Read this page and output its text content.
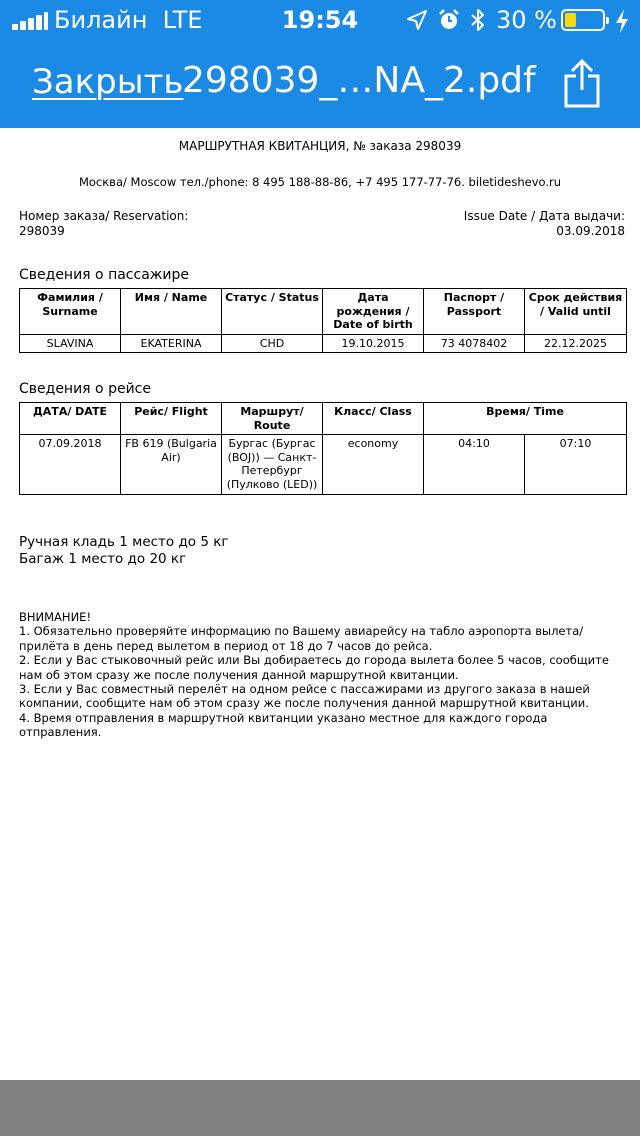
Билайн LTE	19:54	30 %
Закрыть
298039_…NA_2.pdf
МАРШРУТНАЯ КВИТАНЦИЯ, № заказа 298039
Москва/ Moscow тел./phone: 8 495 188-88-86, +7 495 177-77-76. biletideshevo.ru
Номер заказа/ Reservation:
298039
Issue Date / Дата выдачи:
03.09.2018
Сведения о пассажире
Фамилия / Surname	Имя / Name	Статус / Status	Дата рождения / Date of birth	Паспорт / Passport	Срок действия / Valid until
SLAVINA	EKATERINA	CHD	19.10.2015	73 4078402	22.12.2025
Сведения о рейсе
ДАТА/ DATE	Рейс/ Flight	Маршрут/ Route	Класс/ Class	Время/ Time	
07.09.2018	FB 619 (Bulgaria Air)	Бургас (Бургас (BOJ)) — Санкт-Петербург (Пулково (LED))	economy	04:10	07:10
Ручная кладь 1 место до 5 кг
Багаж 1 место до 20 кг
ВНИМАНИЕ!
1. Обязательно проверяйте информацию по Вашему авиарейсу на табло аэропорта вылета/прилёта в день перед вылетом в период от 18 до 7 часов до рейса.
2. Если у Вас стыковочный рейс или Вы добираетесь до города вылета более 5 часов, сообщите нам об этом сразу же после получения данной маршрутной квитанции.
3. Если у Вас совместный перелёт на одном рейсе с пассажирами из другого заказа в нашей компании, сообщите нам об этом сразу же после получения данной маршрутной квитанции.
4. Время отправления в маршрутной квитанции указано местное для каждого города отправления.
